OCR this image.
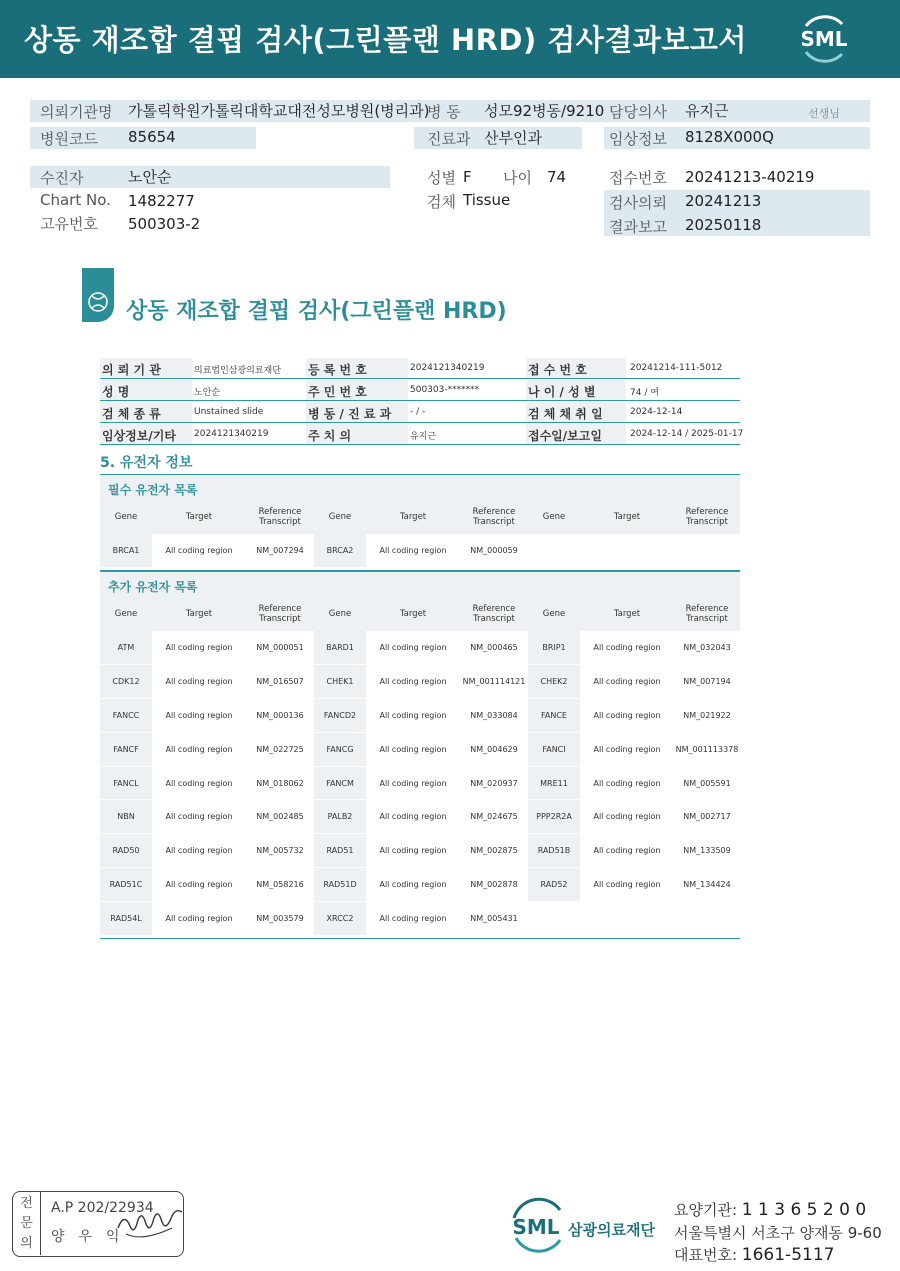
상동 재조합 결핍 검사(그린플랜 HRD) 검사결과보고서	SML
의뢰기관명 가톨릭학원가톨릭대학교대전성모병원(병리과)
병 동 성모92병동/9210 담당의사 유지근	선생님
병원코드 85654	진료과 산부인과	임상정보 8128X000Q
수진자	노안순	성별 F 나이 74	접수번호 20241213-40219
Chart No. 1482277	검체 Tissue	검사의뢰 20241213
고유번호 500303-2	결과보고 20250118
상동 재조합 결핍 검사(그린플랜 HRD)
의 뢰 기 관	의료법인삼광의료재단 등 록 번 호	2024121340219	접 수 번 호	20241214-111-5012
성 명	노안순	주 민 번 호	500303-*******	나 이 / 성 별	74 / 여
검 체 종 류	Unstained slide	병 동 / 진 료 과 - / -	검 체 채 취 일	2024-12-14
임상정보/기타 2024121340219	주 치 의	유지근	접수일/보고일	2024-12-14 / 2025-01-17
5. 유전자 정보
필수 유전자 목록
Gene	Target	Reference Transcript	Gene	Target	Reference Transcript	Gene	Target	Reference Transcript
BRCA1	All coding region	NM_007294	BRCA2	All coding region	NM_000059			
추가 유전자 목록
Gene	Target	Reference Transcript	Gene	Target	Reference Transcript	Gene	Target	Reference Transcript
ATM	All coding region	NM_000051	BARD1	All coding region	NM_000465	BRIP1	All coding region	NM_032043
CDK12	All coding region	NM_016507	CHEK1	All coding region	NM_001114121	CHEK2	All coding region	NM_007194
FANCC	All coding region	NM_000136	FANCD2	All coding region	NM_033084	FANCE	All coding region	NM_021922
FANCF	All coding region	NM_022725	FANCG	All coding region	NM_004629	FANCI	All coding region	NM_001113378
FANCL	All coding region	NM_018062	FANCM	All coding region	NM_020937	MRE11	All coding region	NM_005591
NBN	All coding region	NM_002485	PALB2	All coding region	NM_024675	PPP2R2A	All coding region	NM_002717
RAD50	All coding region	NM_005732	RAD51	All coding region	NM_002875	RAD51B	All coding region	NM_133509
RAD51C	All coding region	NM_058216	RAD51D	All coding region	NM_002878	RAD52	All coding region	NM_134424
RAD54L	All coding region	NM_003579	XRCC2	All coding region	NM_005431			
전
문
의
A.P 202/22934
양우익	SML 삼광의료재단
요양기관: 1 1 3 6 5 2 0 0
서울특별시 서초구 양재동 9-60
대표번호: 1661-5117
